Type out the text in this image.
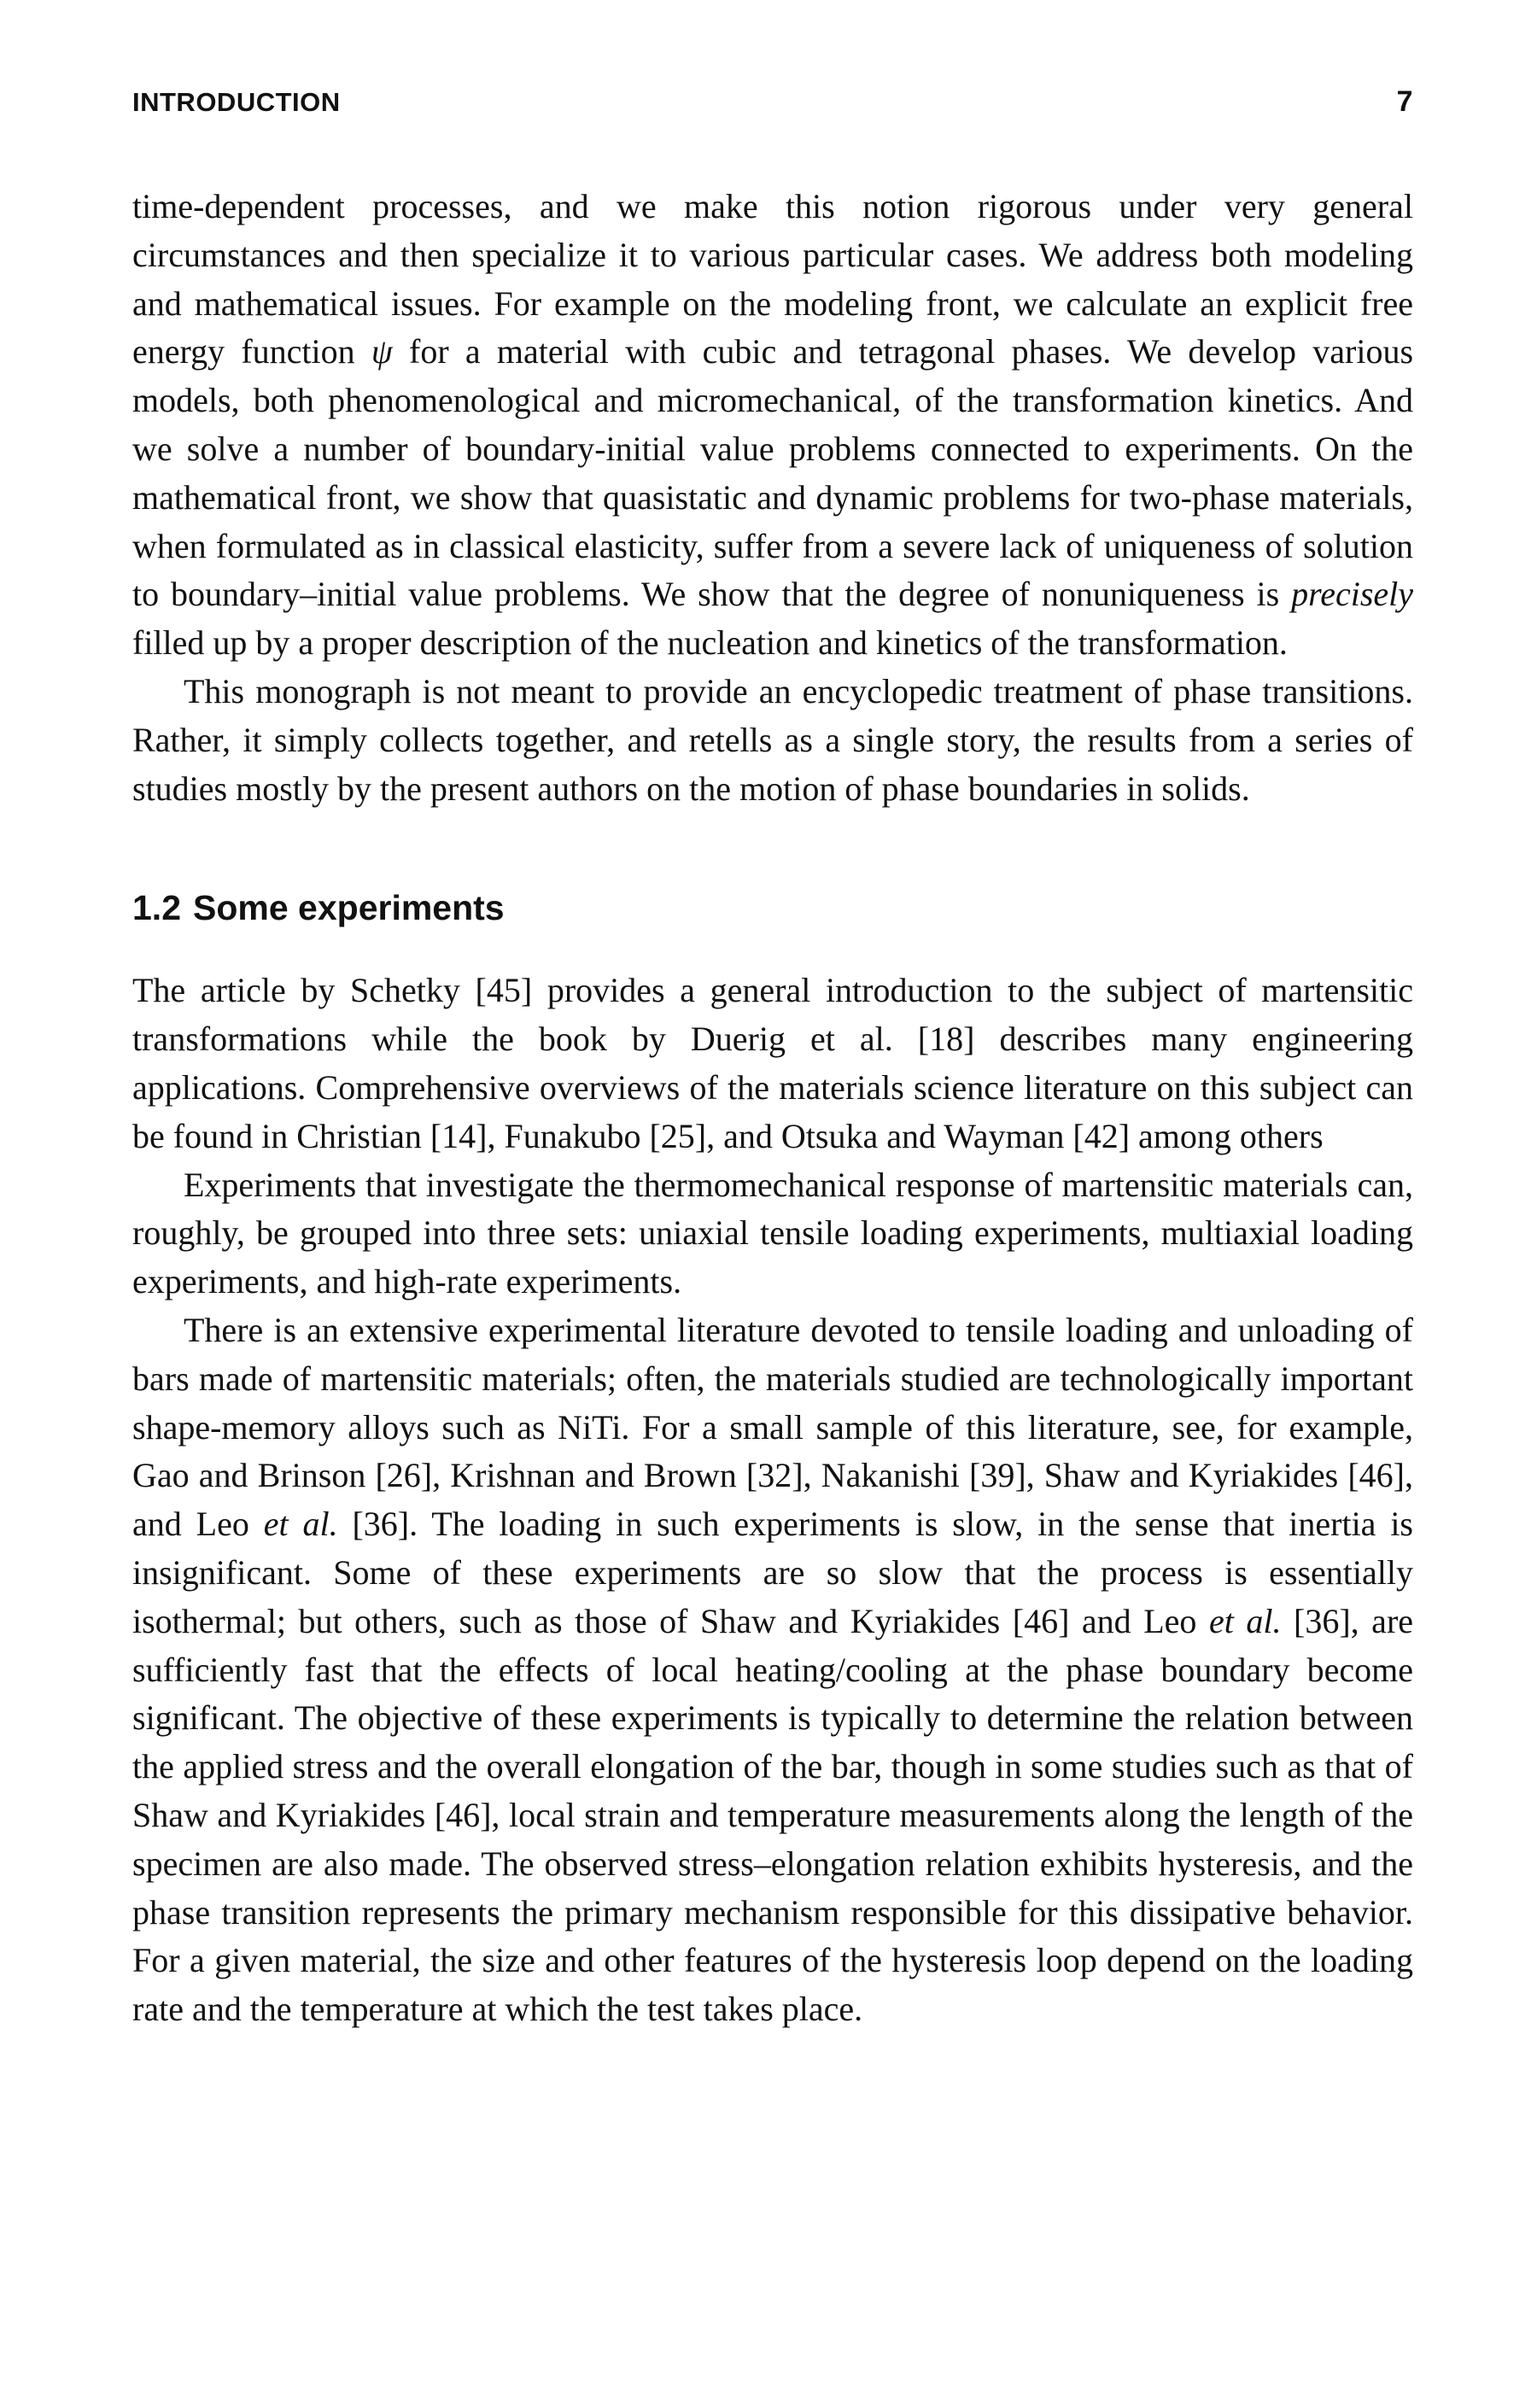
INTRODUCTION	7

time-dependent processes, and we make this notion rigorous under very general circumstances and then specialize it to various particular cases. We address both modeling and mathematical issues. For example on the modeling front, we calculate an explicit free energy function ψ for a material with cubic and tetragonal phases. We develop various models, both phenomenological and micromechanical, of the transformation kinetics. And we solve a number of boundary-initial value problems connected to experiments. On the mathematical front, we show that quasistatic and dynamic problems for two-phase materials, when formulated as in classical elasticity, suffer from a severe lack of uniqueness of solution to boundary–initial value problems. We show that the degree of nonuniqueness is precisely filled up by a proper description of the nucleation and kinetics of the transformation.

This monograph is not meant to provide an encyclopedic treatment of phase transitions. Rather, it simply collects together, and retells as a single story, the results from a series of studies mostly by the present authors on the motion of phase boundaries in solids.

1.2 Some experiments

The article by Schetky [45] provides a general introduction to the subject of martensitic transformations while the book by Duerig et al. [18] describes many engineering applications. Comprehensive overviews of the materials science literature on this subject can be found in Christian [14], Funakubo [25], and Otsuka and Wayman [42] among others

Experiments that investigate the thermomechanical response of martensitic materials can, roughly, be grouped into three sets: uniaxial tensile loading experiments, multiaxial loading experiments, and high-rate experiments.

There is an extensive experimental literature devoted to tensile loading and unloading of bars made of martensitic materials; often, the materials studied are technologically important shape-memory alloys such as NiTi. For a small sample of this literature, see, for example, Gao and Brinson [26], Krishnan and Brown [32], Nakanishi [39], Shaw and Kyriakides [46], and Leo et al. [36]. The loading in such experiments is slow, in the sense that inertia is insignificant. Some of these experiments are so slow that the process is essentially isothermal; but others, such as those of Shaw and Kyriakides [46] and Leo et al. [36], are sufficiently fast that the effects of local heating/cooling at the phase boundary become significant. The objective of these experiments is typically to determine the relation between the applied stress and the overall elongation of the bar, though in some studies such as that of Shaw and Kyriakides [46], local strain and temperature measurements along the length of the specimen are also made. The observed stress–elongation relation exhibits hysteresis, and the phase transition represents the primary mechanism responsible for this dissipative behavior. For a given material, the size and other features of the hysteresis loop depend on the loading rate and the temperature at which the test takes place.
